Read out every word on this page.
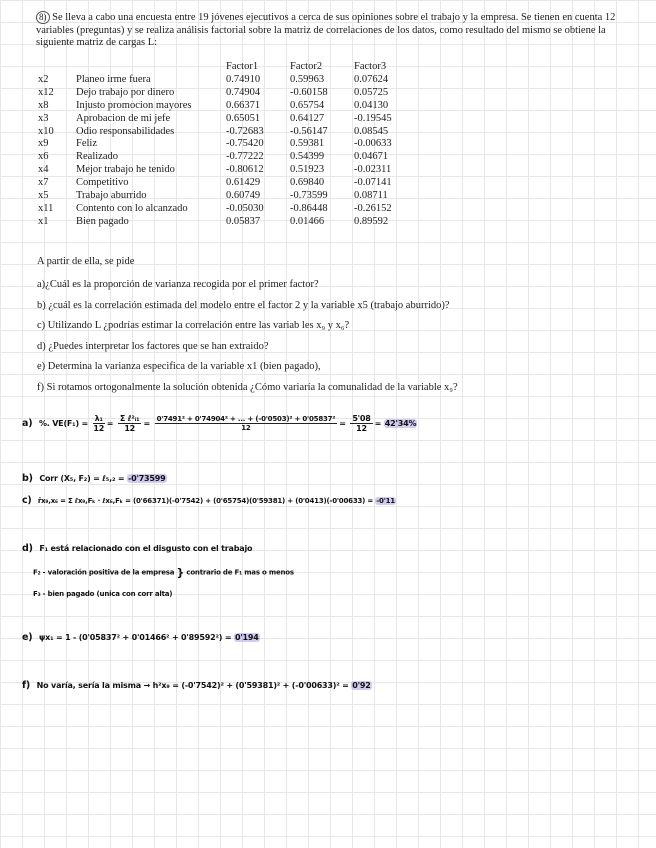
8) Se lleva a cabo una encuesta entre 19 jóvenes ejecutivos a cerca de sus opiniones sobre el trabajo y la empresa. Se tienen en cuenta 12 variables (preguntas) y se realiza análisis factorial sobre la matriz de correlaciones de los datos, como resultado del mismo se obtiene la siguiente matriz de cargas L:
		Factor1	Factor2	Factor3
x2	Planeo irme fuera	0.74910	0.59963	0.07624
x12	Dejo trabajo por dinero	0.74904	-0.60158	0.05725
x8	Injusto promocion mayores	0.66371	0.65754	0.04130
x3	Aprobacion de mi jefe	0.65051	0.64127	-0.19545
x10	Odio responsabilidades	-0.72683	-0.56147	0.08545
x9	Feliz	-0.75420	0.59381	-0.00633
x6	Realizado	-0.77222	0.54399	0.04671
x4	Mejor trabajo he tenido	-0.80612	0.51923	-0.02311
x7	Competitivo	0.61429	0.69840	-0.07141
x5	Trabajo aburrido	0.60749	-0.73599	0.08711
x11	Contento con lo alcanzado	-0.05030	-0.86448	-0.26152
x1	Bien pagado	0.05837	0.01466	0.89592
A partir de ella, se pide
a)¿Cuál es la proporción de varianza recogida por el primer factor?
b) ¿cuál es la correlación estimada del modelo entre el factor 2 y la variable x5 (trabajo aburrido)?
c) Utilizando L ¿podrías estimar la correlación entre las variab les x₉ y x₆?
d) ¿Puedes interpretar los factores que se han extraido?
e) Determina la varianza especifica de la variable x1 (bien pagado),
f) Si rotamos ortogonalmente la solución obtenida ¿Cómo variaría la comunalidad de la variable x₉?
a) %. $VE(F_1) = \frac{\text{λ₁}}{12} = \frac{\text{Σ ℓ²ᵢ₁}}{12} = \frac{\text{0'7491² + 0'74904² + ... + (-0'0503)² + 0'05837²}}{12} = \frac{5'08}{12} = 42'34\%$
b) Corr (X₅, F₂) = ℓ₅,₂ = -0'73599
c) r̂x₉,x₆ = Σ ℓx₉,Fₖ · ℓx₆,Fₖ = (0'66371)(-0'7542) + (0'65754)(0'59381) + (0'0413)(-0'00633) = -0'11
d) F₁ está relacionado con el disgusto con el trabajo
F₂ - valoración positiva de la empresa } contrario de F₁ mas o menos
F₃ - bien pagado (unica con corr alta)
e) ψx₁ = 1 - (0'05837² + 0'01466² + 0'89592²) = 0'194
f) No varía, sería la misma → h²x₉ = (-0'7542)² + (0'59381)² + (-0'00633)² = 0'92
